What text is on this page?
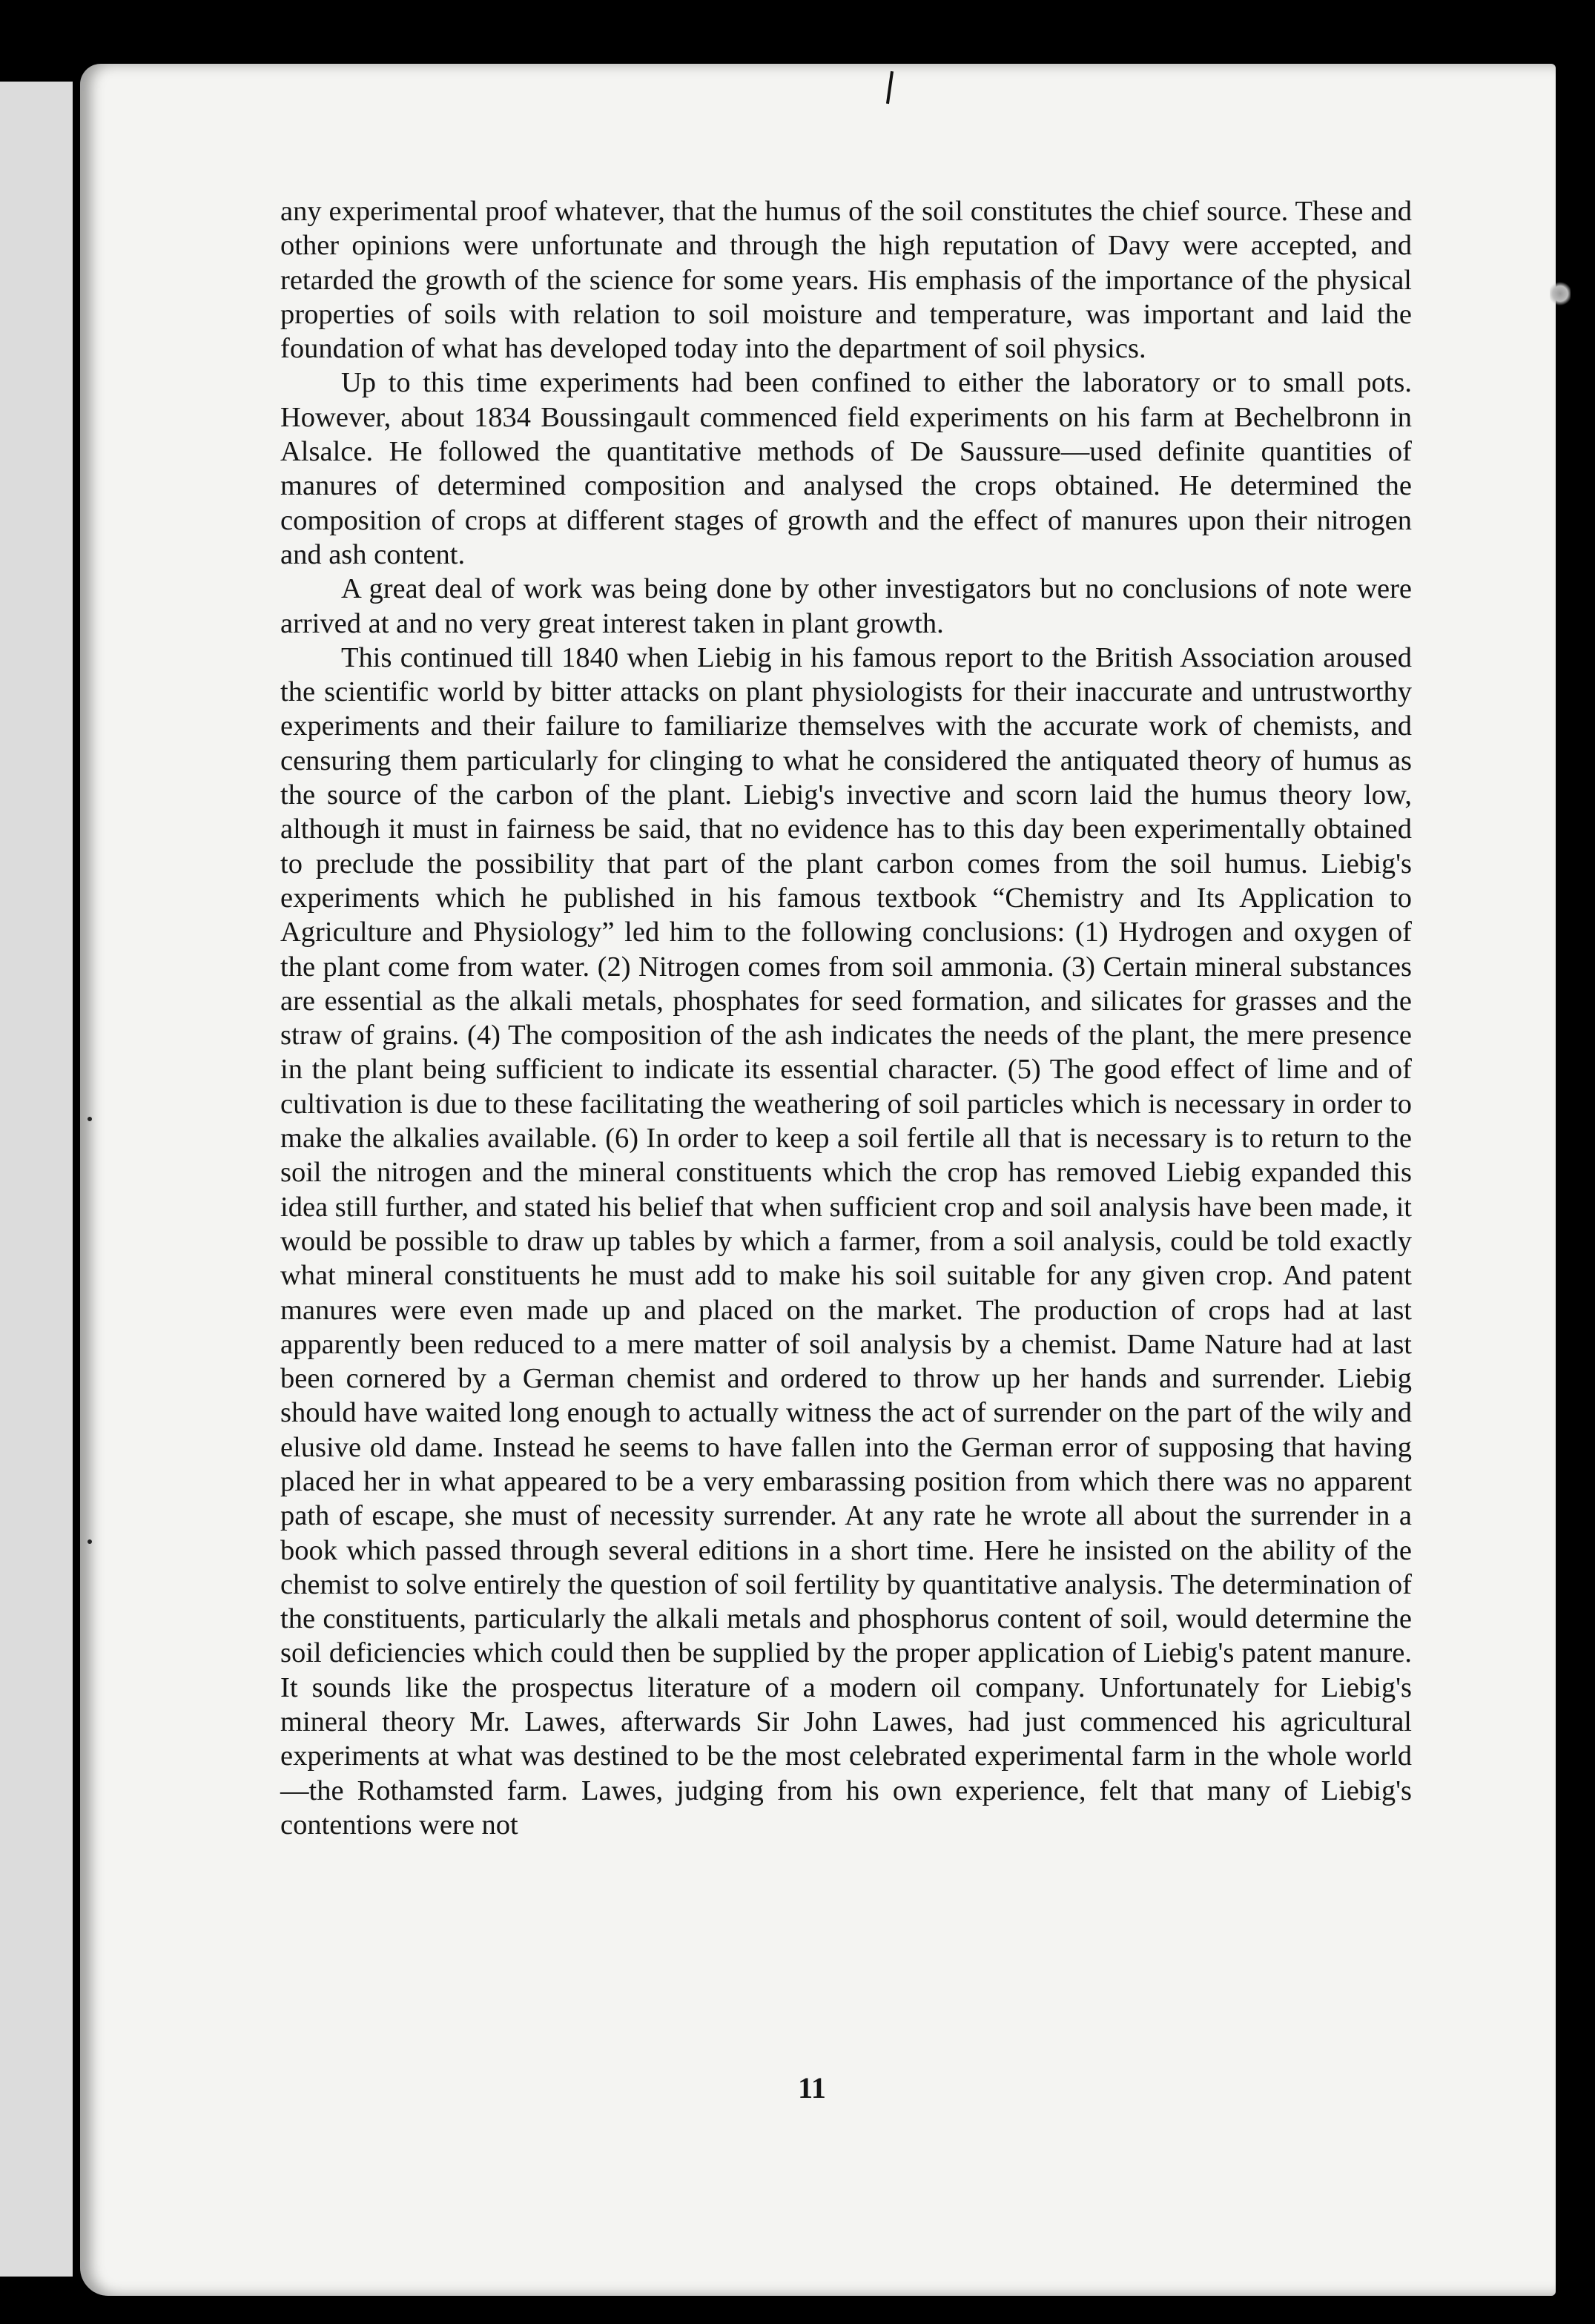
any experimental proof whatever, that the humus of the soil constitutes the chief source. These and other opinions were unfortunate and through the high reputation of Davy were accepted, and retarded the growth of the science for some years. His emphasis of the importance of the physical properties of soils with relation to soil moisture and temperature, was important and laid the foundation of what has developed today into the department of soil physics.

Up to this time experiments had been confined to either the laboratory or to small pots. However, about 1834 Boussingault commenced field experiments on his farm at Bechelbronn in Alsalce. He followed the quantitative methods of De Saussure—used definite quantities of manures of determined composition and analysed the crops obtained. He determined the composition of crops at different stages of growth and the effect of manures upon their nitrogen and ash content.

A great deal of work was being done by other investigators but no conclusions of note were arrived at and no very great interest taken in plant growth.

This continued till 1840 when Liebig in his famous report to the British Association aroused the scientific world by bitter attacks on plant physiologists for their inaccurate and untrustworthy experiments and their failure to familiarize themselves with the accurate work of chemists, and censuring them particularly for clinging to what he considered the antiquated theory of humus as the source of the carbon of the plant. Liebig's invective and scorn laid the humus theory low, although it must in fairness be said, that no evidence has to this day been experimentally obtained to preclude the possibility that part of the plant carbon comes from the soil humus. Liebig's experiments which he published in his famous textbook “Chemistry and Its Application to Agriculture and Physiology” led him to the following conclusions: (1) Hydrogen and oxygen of the plant come from water. (2) Nitrogen comes from soil ammonia. (3) Certain mineral substances are essential as the alkali metals, phosphates for seed formation, and silicates for grasses and the straw of grains. (4) The composition of the ash indicates the needs of the plant, the mere presence in the plant being sufficient to indicate its essential character. (5) The good effect of lime and of cultivation is due to these facilitating the weathering of soil particles which is necessary in order to make the alkalies available. (6) In order to keep a soil fertile all that is necessary is to return to the soil the nitrogen and the mineral constituents which the crop has removed Liebig expanded this idea still further, and stated his belief that when sufficient crop and soil analysis have been made, it would be possible to draw up tables by which a farmer, from a soil analysis, could be told exactly what mineral constituents he must add to make his soil suitable for any given crop. And patent manures were even made up and placed on the market. The production of crops had at last apparently been reduced to a mere matter of soil analysis by a chemist. Dame Nature had at last been cornered by a German chemist and ordered to throw up her hands and surrender. Liebig should have waited long enough to actually witness the act of surrender on the part of the wily and elusive old dame. Instead he seems to have fallen into the German error of supposing that having placed her in what appeared to be a very embarassing position from which there was no apparent path of escape, she must of necessity surrender. At any rate he wrote all about the surrender in a book which passed through several editions in a short time. Here he insisted on the ability of the chemist to solve entirely the question of soil fertility by quantitative analysis. The determination of the constituents, particularly the alkali metals and phosphorus content of soil, would determine the soil deficiencies which could then be supplied by the proper application of Liebig's patent manure. It sounds like the prospectus literature of a modern oil company. Unfortunately for Liebig's mineral theory Mr. Lawes, afterwards Sir John Lawes, had just commenced his agricultural experiments at what was destined to be the most celebrated experimental farm in the whole world—the Rothamsted farm. Lawes, judging from his own experience, felt that many of Liebig's contentions were not

11
